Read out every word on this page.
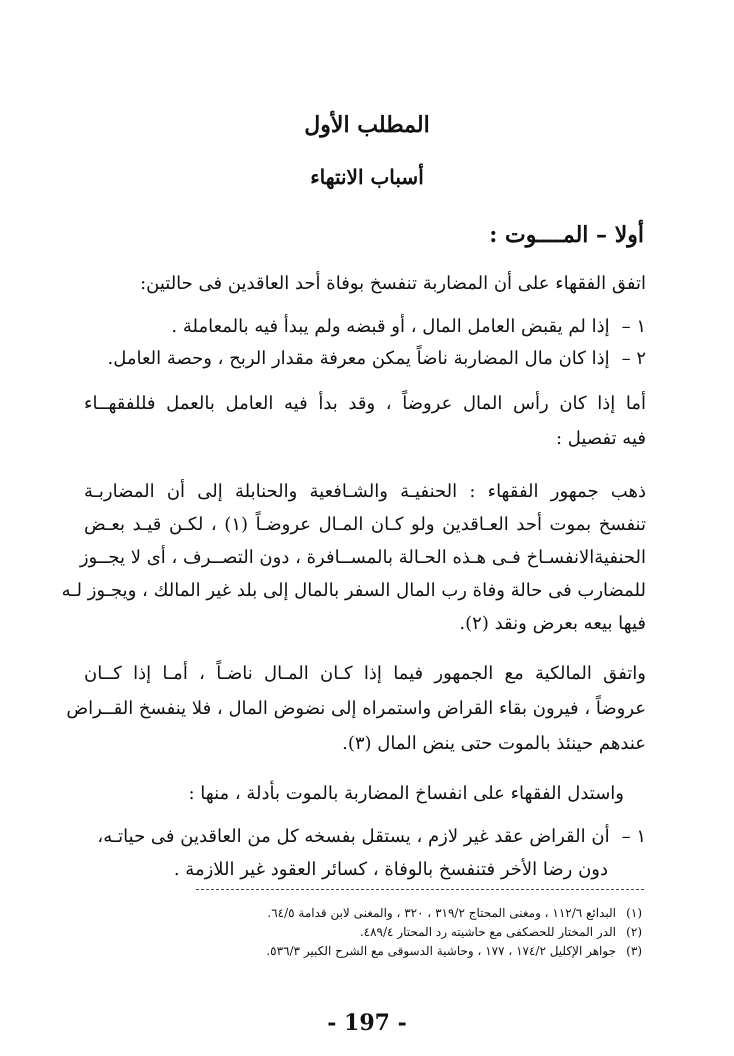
المطلب الأول
أسباب الانتهاء
أولا – المــــوت :
اتفق الفقهاء على أن المضاربة تنفسخ بوفاة أحد العاقدين فى حالتين:
١ –إذا لم يقبض العامل المال ، أو قبضه ولم يبدأ فيه بالمعاملة .
٢ –إذا كان مال المضاربة ناضاً يمكن معرفة مقدار الربح ، وحصة العامل.
أما إذا كان رأس المال عروضاً ، وقد بدأ فيه العامل بالعمل فللفقهــاء
فيه تفصيل :
ذهب جمهور الفقهاء : الحنفيـة والشـافعية والحنابلة إلى أن المضاربـة
تنفسخ بموت أحد العـاقدين ولو كـان المـال عروضـاً (١) ، لكـن قيـد بعـض
الحنفيةالانفسـاخ فـى هـذه الحـالة بالمســافرة ، دون التصــرف ، أى لا يجــوز
للمضارب فى حالة وفاة رب المال السفر بالمال إلى بلد غير المالك ، ويجـوز لـه
فيها بيعه بعرض ونقد (٢).
واتفق المالكية مع الجمهور فيما إذا كـان المـال ناضـاً ، أمـا إذا كــان
عروضاً ، فيرون بقاء القراض واستمراه إلى نضوض المال ، فلا ينفسخ القــراض
عندهم حينئذ بالموت حتى ينض المال (٣).
واستدل الفقهاء على انفساخ المضاربة بالموت بأدلة ، منها :
١ –أن القراض عقد غير لازم ، يستقل بفسخه كل من العاقدين فى حياتـه،
دون رضا الأخر فتنفسخ بالوفاة ، كسائر العقود غير اللازمة .
(١)البدائع ١١٢/٦ ، ومغنى المحتاج ٣١٩/٢ ، ٣٢٠ ، والمغنى لابن قدامة ٦٤/٥.
(٢)الدر المختار للحصكفى مع حاشيته رد المحتار ٤٨٩/٤.
(٣)جواهر الإكليل ١٧٤/٢ ، ١٧٧ ، وحاشية الدسوقى مع الشرح الكبير ٥٣٦/٣.
- 197 -
